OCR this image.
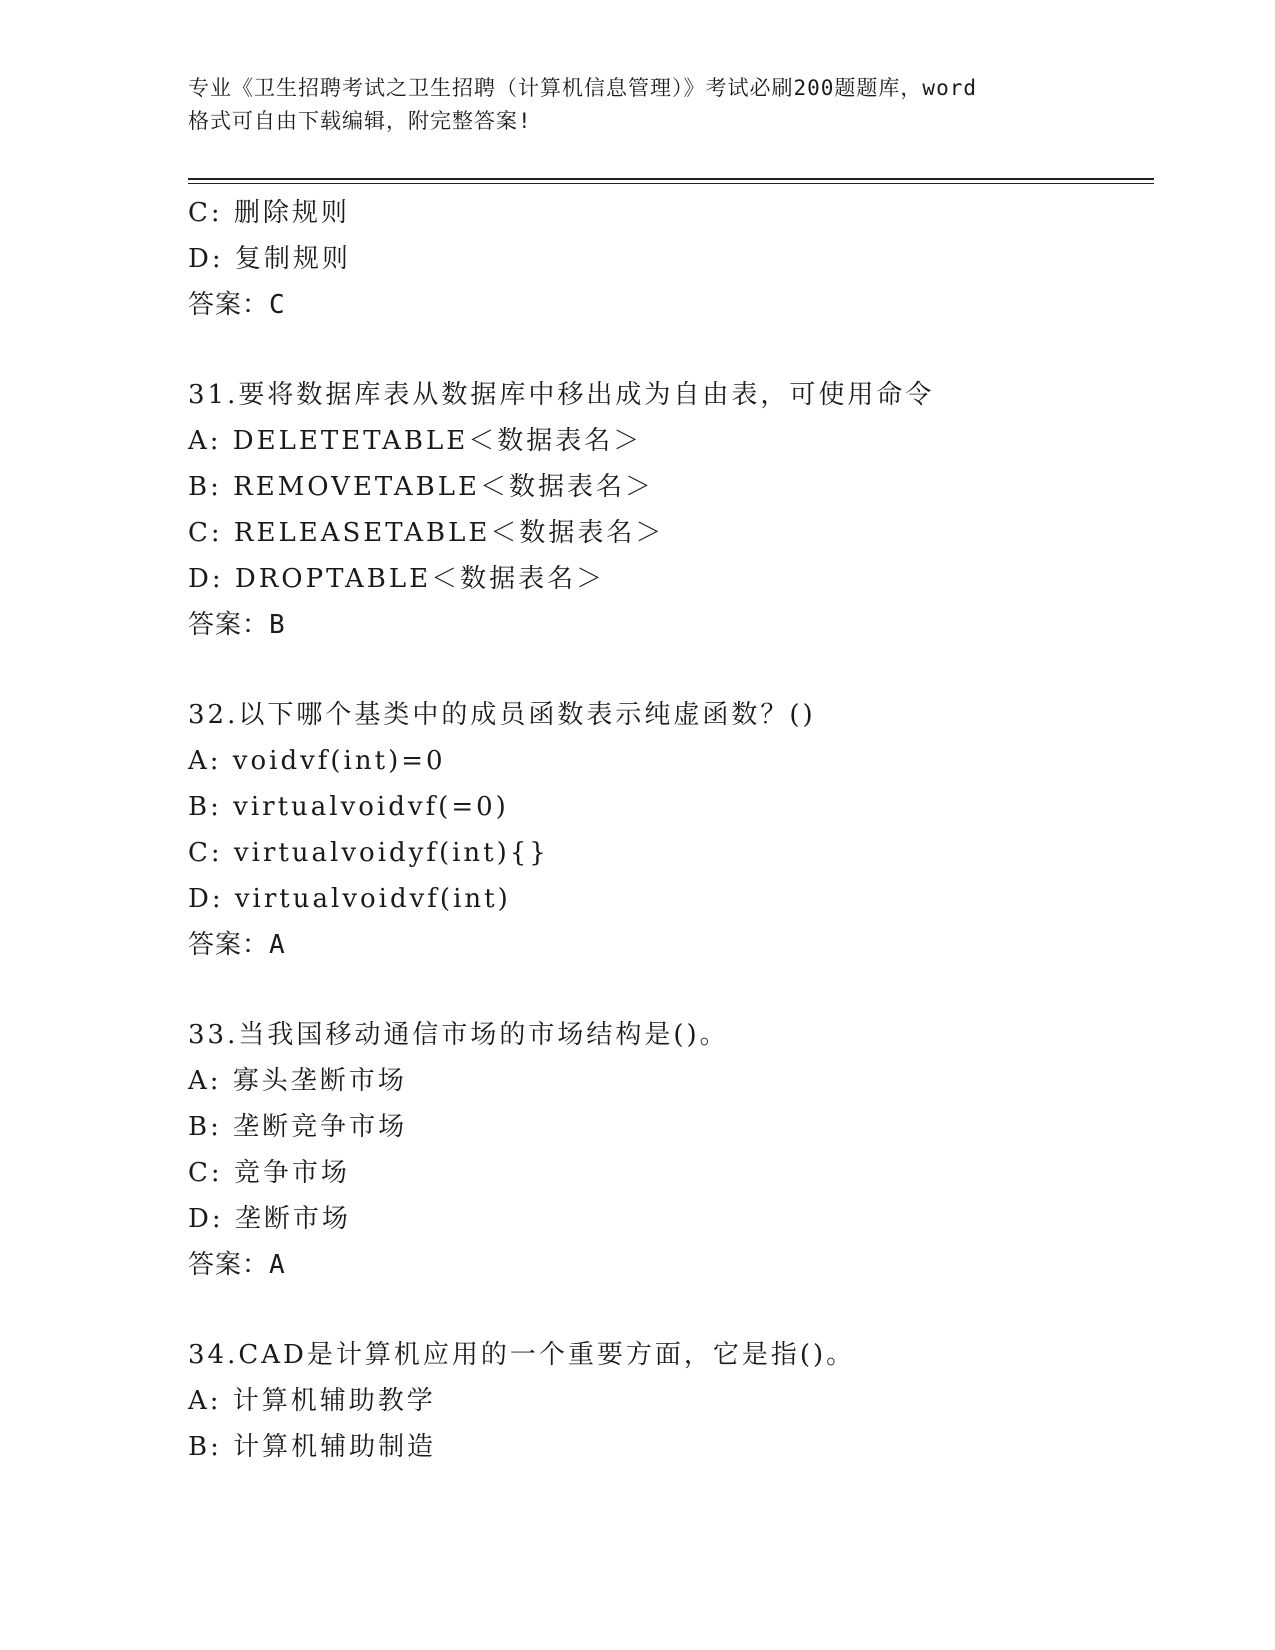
专业《卫生招聘考试之卫生招聘（计算机信息管理）》考试必刷200题题库，word
格式可自由下载编辑，附完整答案!
C: 删除规则
D: 复制规则
答案：C
31.要将数据库表从数据库中移出成为自由表，可使用命令
A: DELETETABLE＜数据表名＞
B: REMOVETABLE＜数据表名＞
C: RELEASETABLE＜数据表名＞
D: DROPTABLE＜数据表名＞
答案：B
32.以下哪个基类中的成员函数表示纯虚函数？()
A: voidvf(int)=0
B: virtualvoidvf(=0)
C: virtualvoidyf(int){}
D: virtualvoidvf(int)
答案：A
33.当我国移动通信市场的市场结构是()。
A: 寡头垄断市场
B: 垄断竞争市场
C: 竞争市场
D: 垄断市场
答案：A
34.CAD是计算机应用的一个重要方面，它是指()。
A: 计算机辅助教学
B: 计算机辅助制造
